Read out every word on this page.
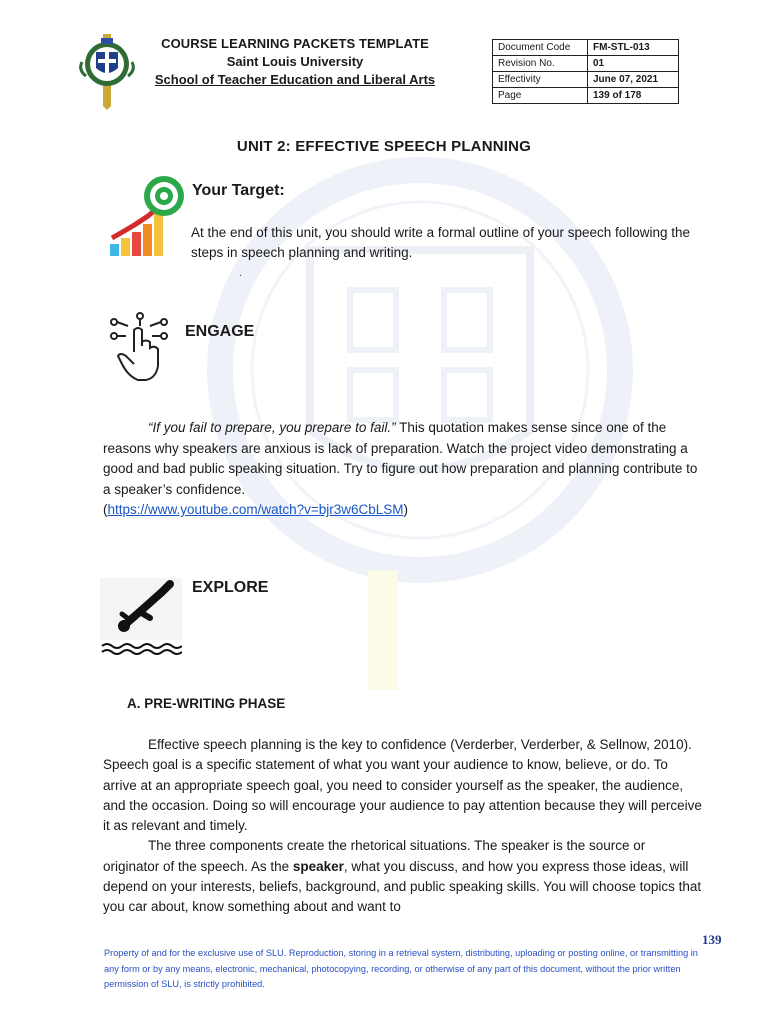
COURSE LEARNING PACKETS TEMPLATE
Saint Louis University
School of Teacher Education and Liberal Arts
Document Code	FM-STL-013
Revision No.	01
Effectivity	June 07, 2021
Page	139 of 178
UNIT 2: EFFECTIVE SPEECH PLANNING
Your Target:
At the end of this unit, you should write a formal outline of your speech following the steps in speech planning and writing.
.
ENGAGE
“If you fail to prepare, you prepare to fail.” This quotation makes sense since one of the reasons why speakers are anxious is lack of preparation. Watch the project video demonstrating a good and bad public speaking situation. Try to figure out how preparation and planning contribute to a speaker’s confidence.
(https://www.youtube.com/watch?v=bjr3w6CbLSM)
EXPLORE
A. PRE-WRITING PHASE

Effective speech planning is the key to confidence (Verderber, Verderber, & Sellnow, 2010). Speech goal is a specific statement of what you want your audience to know, believe, or do. To arrive at an appropriate speech goal, you need to consider yourself as the speaker, the audience, and the occasion. Doing so will encourage your audience to pay attention because they will perceive it as relevant and timely.

The three components create the rhetorical situations. The speaker is the source or originator of the speech. As the speaker, what you discuss, and how you express those ideas, will depend on your interests, beliefs, background, and public speaking skills. You will choose topics that you car about, know something about and want to

139
Property of and for the exclusive use of SLU. Reproduction, storing in a retrieval system, distributing, uploading or posting online, or transmitting in any form or by any means, electronic, mechanical, photocopying, recording, or otherwise of any part of this document, without the prior written permission of SLU, is strictly prohibited.
